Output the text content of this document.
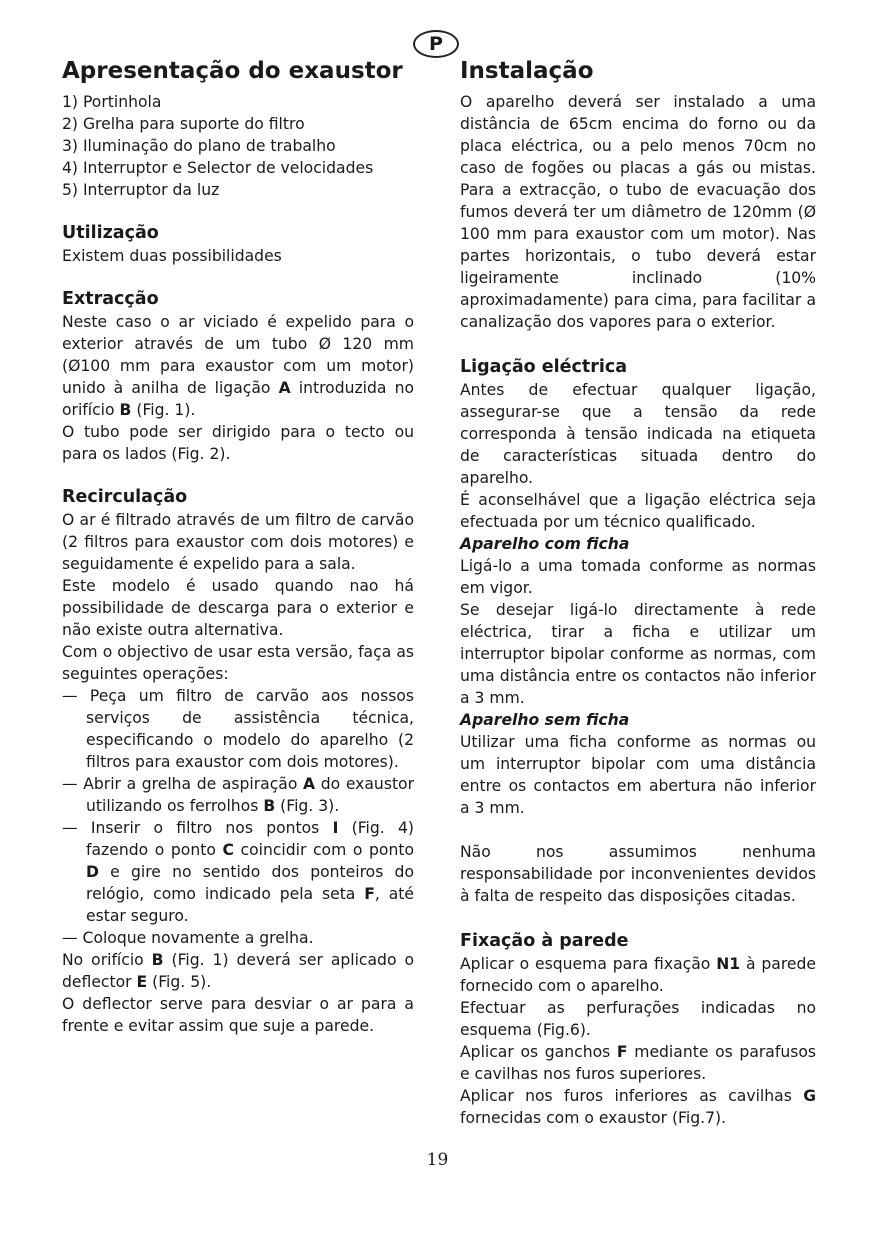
P
Apresentação do exaustor

1) Portinhola

2) Grelha para suporte do filtro

3) Iluminação do plano de trabalho

4) Interruptor e Selector de velocidades

5) Interruptor da luz

Utilização

Existem duas possibilidades

Extracção

Neste caso o ar viciado é expelido para o exterior através de um tubo Ø 120 mm (Ø100 mm para exaustor com um motor) unido à anilha de ligação A introduzida no orifício B (Fig. 1).

O tubo pode ser dirigido para o tecto ou para os lados (Fig. 2).

Recirculação

O ar é filtrado através de um filtro de carvão (2 filtros para exaustor com dois motores) e seguidamente é expelido para a sala.

Este modelo é usado quando nao há possibilidade de descarga para o exterior e não existe outra alternativa.

Com o objectivo de usar esta versão, faça as seguintes operações:

— Peça um filtro de carvão aos nossos serviços de assistência técnica, especificando o modelo do aparelho (2 filtros para exaustor com dois motores).

— Abrir a grelha de aspiração A do exaustor utilizando os ferrolhos B (Fig. 3).

— Inserir o filtro nos pontos I (Fig. 4) fazendo o ponto C coincidir com o ponto D e gire no sentido dos ponteiros do relógio, como indicado pela seta F, até estar seguro.

— Coloque novamente a grelha.

No orifício B (Fig. 1) deverá ser aplicado o deflector E (Fig. 5).

O deflector serve para desviar o ar para a frente e evitar assim que suje a parede.

Instalação

O aparelho deverá ser instalado a uma distância de 65cm encima do forno ou da placa eléctrica, ou a pelo menos 70cm no caso de fogões ou placas a gás ou mistas. Para a extracção, o tubo de evacuação dos fumos deverá ter um diâmetro de 120mm (Ø 100 mm para exaustor com um motor). Nas partes horizontais, o tubo deverá estar ligeiramente inclinado (10% aproximadamente) para cima, para facilitar a canalização dos vapores para o exterior.

Ligação eléctrica

Antes de efectuar qualquer ligação, assegurar-se que a tensão da rede corresponda à tensão indicada na etiqueta de características situada dentro do aparelho.

É aconselhável que a ligação eléctrica seja efectuada por um técnico qualificado.

Aparelho com ficha

Ligá-lo a uma tomada conforme as normas em vigor.

Se desejar ligá-lo directamente à rede eléctrica, tirar a ficha e utilizar um interruptor bipolar conforme as normas, com uma distância entre os contactos não inferior a 3 mm.

Aparelho sem ficha

Utilizar uma ficha conforme as normas ou um interruptor bipolar com uma distância entre os contactos em abertura não inferior a 3 mm.

Não nos assumimos nenhuma responsabilidade por inconvenientes devidos à falta de respeito das disposições citadas.

Fixação à parede

Aplicar o esquema para fixação N1 à parede fornecido com o aparelho.

Efectuar as perfurações indicadas no esquema (Fig.6).

Aplicar os ganchos F mediante os parafusos e cavilhas nos furos superiores.

Aplicar nos furos inferiores as cavilhas G fornecidas com o exaustor (Fig.7).

19
